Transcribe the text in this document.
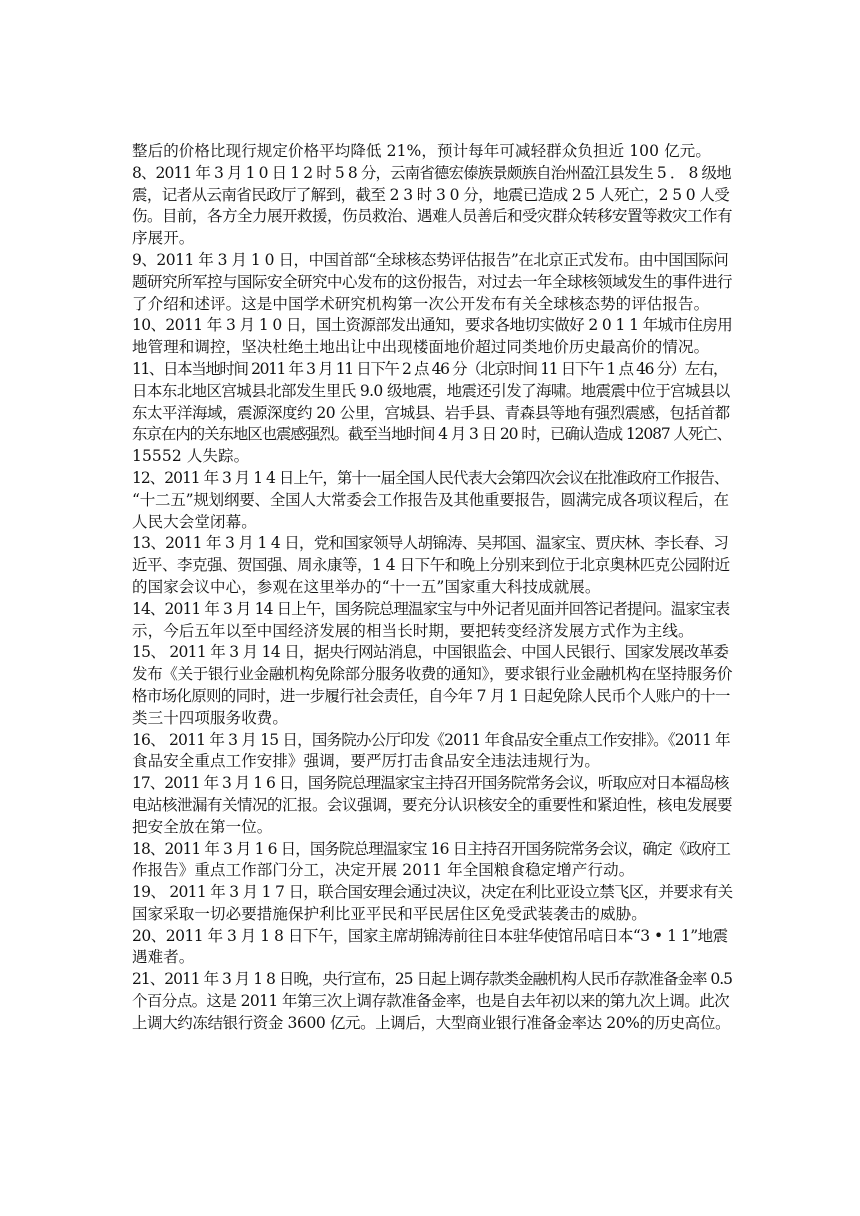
整后的价格比现行规定价格平均降低 21%，预计每年可减轻群众负担近 100 亿元。

8、2011 年 3 月 1 0 日 1 2 时 5 8 分，云南省德宏傣族景颇族自治州盈江县发生 5 ． 8 级地

震，记者从云南省民政厅了解到，截至 2 3 时 3 0 分，地震已造成 2 5 人死亡，2 5 0 人受

伤。目前，各方全力展开救援，伤员救治、遇难人员善后和受灾群众转移安置等救灾工作有

序展开。

9、2011 年 3 月 1 0 日，中国首部“全球核态势评估报告”在北京正式发布。由中国国际问

题研究所军控与国际安全研究中心发布的这份报告，对过去一年全球核领域发生的事件进行

了介绍和述评。这是中国学术研究机构第一次公开发布有关全球核态势的评估报告。

10、2011 年 3 月 1 0 日，国土资源部发出通知，要求各地切实做好 2 0 1 1 年城市住房用

地管理和调控，坚决杜绝土地出让中出现楼面地价超过同类地价历史最高价的情况。

11、日本当地时间 2011 年 3 月 11 日下午 2 点 46 分（北京时间 11 日下午 1 点 46 分）左右，

日本东北地区宫城县北部发生里氏 9.0 级地震，地震还引发了海啸。地震震中位于宫城县以

东太平洋海域，震源深度约 20 公里，宫城县、岩手县、青森县等地有强烈震感，包括首都

东京在内的关东地区也震感强烈。截至当地时间 4 月 3 日 20 时，已确认造成 12087 人死亡、

15552 人失踪。

12、2011 年 3 月 1 4 日上午，第十一届全国人民代表大会第四次会议在批准政府工作报告、

“十二五”规划纲要、全国人大常委会工作报告及其他重要报告，圆满完成各项议程后，在

人民大会堂闭幕。

13、2011 年 3 月 1 4 日，党和国家领导人胡锦涛、吴邦国、温家宝、贾庆林、李长春、习

近平、李克强、贺国强、周永康等，1 4 日下午和晚上分别来到位于北京奥林匹克公园附近

的国家会议中心，参观在这里举办的“十一五”国家重大科技成就展。

14、2011 年 3 月 14 日上午，国务院总理温家宝与中外记者见面并回答记者提问。温家宝表

示，今后五年以至中国经济发展的相当长时期，要把转变经济发展方式作为主线。

15、 2011 年 3 月 14 日，据央行网站消息，中国银监会、中国人民银行、国家发展改革委

发布《关于银行业金融机构免除部分服务收费的通知》，要求银行业金融机构在坚持服务价

格市场化原则的同时，进一步履行社会责任，自今年 7 月 1 日起免除人民币个人账户的十一

类三十四项服务收费。

16、 2011 年 3 月 15 日，国务院办公厅印发《2011 年食品安全重点工作安排》。《2011 年

食品安全重点工作安排》强调，要严厉打击食品安全违法违规行为。

17、2011 年 3 月 1 6 日，国务院总理温家宝主持召开国务院常务会议，听取应对日本福岛核

电站核泄漏有关情况的汇报。会议强调，要充分认识核安全的重要性和紧迫性，核电发展要

把安全放在第一位。

18、2011 年 3 月 1 6 日，国务院总理温家宝 16 日主持召开国务院常务会议，确定《政府工

作报告》重点工作部门分工，决定开展 2011 年全国粮食稳定增产行动。

19、 2011 年 3 月 1 7 日，联合国安理会通过决议，决定在利比亚设立禁飞区，并要求有关

国家采取一切必要措施保护利比亚平民和平民居住区免受武装袭击的威胁。

20、2011 年 3 月 1 8 日下午，国家主席胡锦涛前往日本驻华使馆吊唁日本“3 • 1 1”地震

遇难者。

21、2011 年 3 月 1 8 日晚，央行宣布，25 日起上调存款类金融机构人民币存款准备金率 0.5

个百分点。这是 2011 年第三次上调存款准备金率，也是自去年初以来的第九次上调。此次

上调大约冻结银行资金 3600 亿元。上调后，大型商业银行准备金率达 20%的历史高位。
